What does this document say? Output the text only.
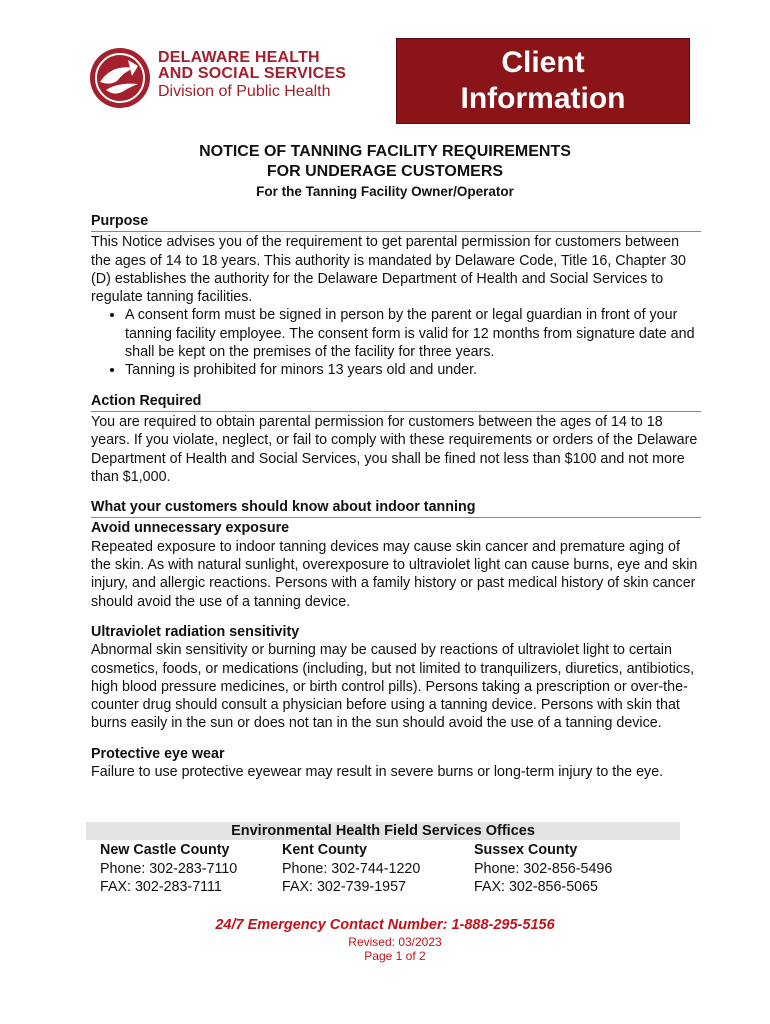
DELAWARE HEALTH
AND SOCIAL SERVICES
Division of Public Health
Client
Information
NOTICE OF TANNING FACILITY REQUIREMENTS
FOR UNDERAGE CUSTOMERS
For the Tanning Facility Owner/Operator
Purpose

This Notice advises you of the requirement to get parental permission for customers between the ages of 14 to 18 years. This authority is mandated by Delaware Code, Title 16, Chapter 30 (D) establishes the authority for the Delaware Department of Health and Social Services to regulate tanning facilities.

• A consent form must be signed in person by the parent or legal guardian in front of your tanning facility employee. The consent form is valid for 12 months from signature date and shall be kept on the premises of the facility for three years.
• Tanning is prohibited for minors 13 years old and under.
Action Required

You are required to obtain parental permission for customers between the ages of 14 to 18 years. If you violate, neglect, or fail to comply with these requirements or orders of the Delaware Department of Health and Social Services, you shall be fined not less than $100 and not more than $1,000.

What your customers should know about indoor tanning
Avoid unnecessary exposure

Repeated exposure to indoor tanning devices may cause skin cancer and premature aging of the skin. As with natural sunlight, overexposure to ultraviolet light can cause burns, eye and skin injury, and allergic reactions. Persons with a family history or past medical history of skin cancer should avoid the use of a tanning device.

Ultraviolet radiation sensitivity

Abnormal skin sensitivity or burning may be caused by reactions of ultraviolet light to certain cosmetics, foods, or medications (including, but not limited to tranquilizers, diuretics, antibiotics, high blood pressure medicines, or birth control pills). Persons taking a prescription or over-the-counter drug should consult a physician before using a tanning device. Persons with skin that burns easily in the sun or does not tan in the sun should avoid the use of a tanning device.

Protective eye wear

Failure to use protective eyewear may result in severe burns or long-term injury to the eye.

Environmental Health Field Services Offices
New Castle County
Phone: 302-283-7110
FAX: 302-283-7111
Kent County
Phone: 302-744-1220
FAX: 302-739-1957
Sussex County
Phone: 302-856-5496
FAX: 302-856-5065
24/7 Emergency Contact Number: 1-888-295-5156
Revised: 03/2023
Page 1 of 2
